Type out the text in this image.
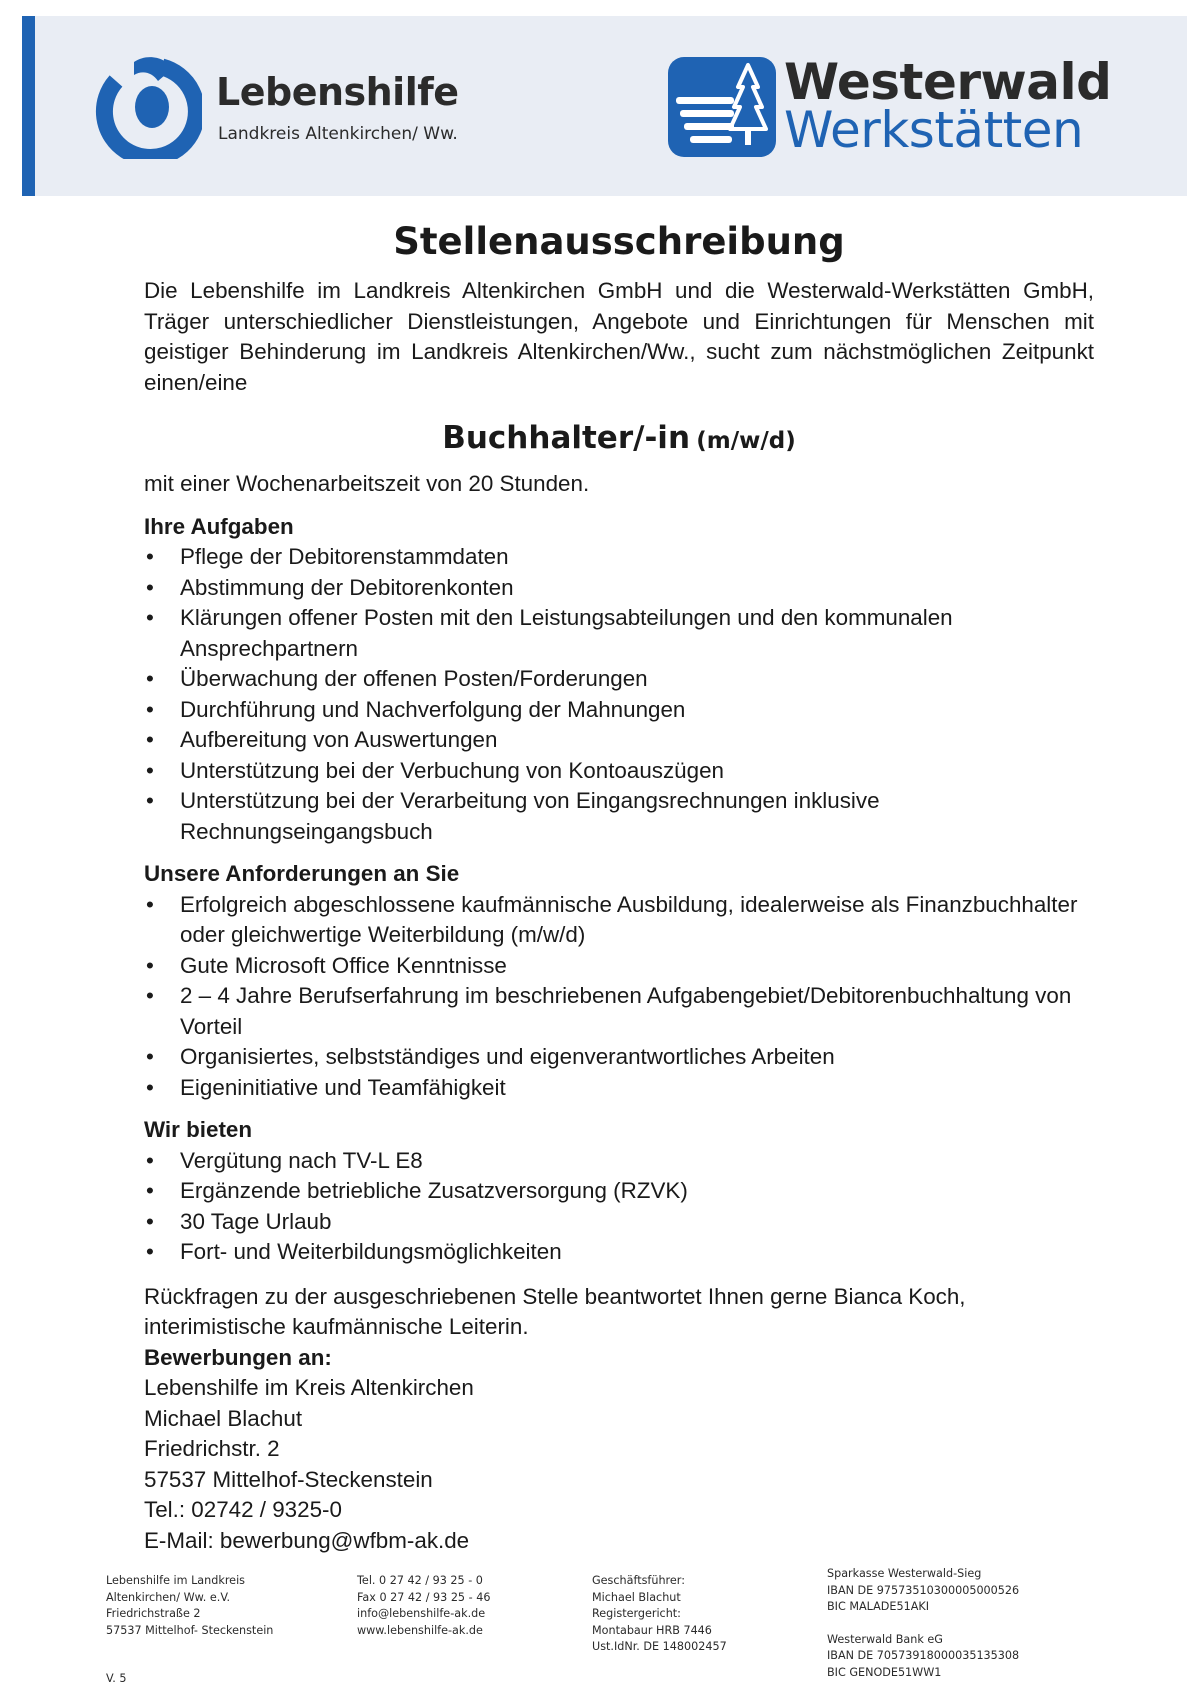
Lebenshilfe
Landkreis Altenkirchen/ Ww.
Westerwald
Werkstätten
Stellenausschreibung

Die Lebenshilfe im Landkreis Altenkirchen GmbH und die Westerwald-Werkstätten GmbH, Träger unterschiedlicher Dienstleistungen, Angebote und Einrichtungen für Menschen mit geistiger Behinderung im Landkreis Altenkirchen/Ww., sucht zum nächstmöglichen Zeitpunkt einen/eine

Buchhalter/-in (m/w/d)

mit einer Wochenarbeitszeit von 20 Stunden.

Ihre Aufgaben
• Pflege der Debitorenstammdaten
• Abstimmung der Debitorenkonten
• Klärungen offener Posten mit den Leistungsabteilungen und den kommunalen Ansprechpartnern
• Überwachung der offenen Posten/Forderungen
• Durchführung und Nachverfolgung der Mahnungen
• Aufbereitung von Auswertungen
• Unterstützung bei der Verbuchung von Kontoauszügen
• Unterstützung bei der Verarbeitung von Eingangsrechnungen inklusive Rechnungseingangsbuch
Unsere Anforderungen an Sie
• Erfolgreich abgeschlossene kaufmännische Ausbildung, idealerweise als Finanzbuchhalter oder gleichwertige Weiterbildung (m/w/d)
• Gute Microsoft Office Kenntnisse
• 2 – 4 Jahre Berufserfahrung im beschriebenen Aufgabengebiet/Debitorenbuchhaltung von Vorteil
• Organisiertes, selbstständiges und eigenverantwortliches Arbeiten
• Eigeninitiative und Teamfähigkeit
Wir bieten
• Vergütung nach TV-L E8
• Ergänzende betriebliche Zusatzversorgung (RZVK)
• 30 Tage Urlaub
• Fort- und Weiterbildungsmöglichkeiten

Rückfragen zu der ausgeschriebenen Stelle beantwortet Ihnen gerne Bianca Koch, interimistische kaufmännische Leiterin.

Bewerbungen an:
Lebenshilfe im Kreis Altenkirchen
Michael Blachut
Friedrichstr. 2
57537 Mittelhof-Steckenstein
Tel.: 02742 / 9325-0
E-Mail: bewerbung@wfbm-ak.de
Lebenshilfe im Landkreis
Altenkirchen/ Ww. e.V.
Friedrichstraße 2
57537 Mittelhof- Steckenstein
Tel. 0 27 42 / 93 25 - 0
Fax 0 27 42 / 93 25 - 46
info@lebenshilfe-ak.de
www.lebenshilfe-ak.de
Geschäftsführer:
Michael Blachut
Registergericht:
Montabaur HRB 7446
Ust.IdNr. DE 148002457
Sparkasse Westerwald-Sieg
IBAN DE 97573510300005000526
BIC MALADE51AKI
Westerwald Bank eG
IBAN DE 70573918000035135308
BIC GENODE51WW1
V. 5
